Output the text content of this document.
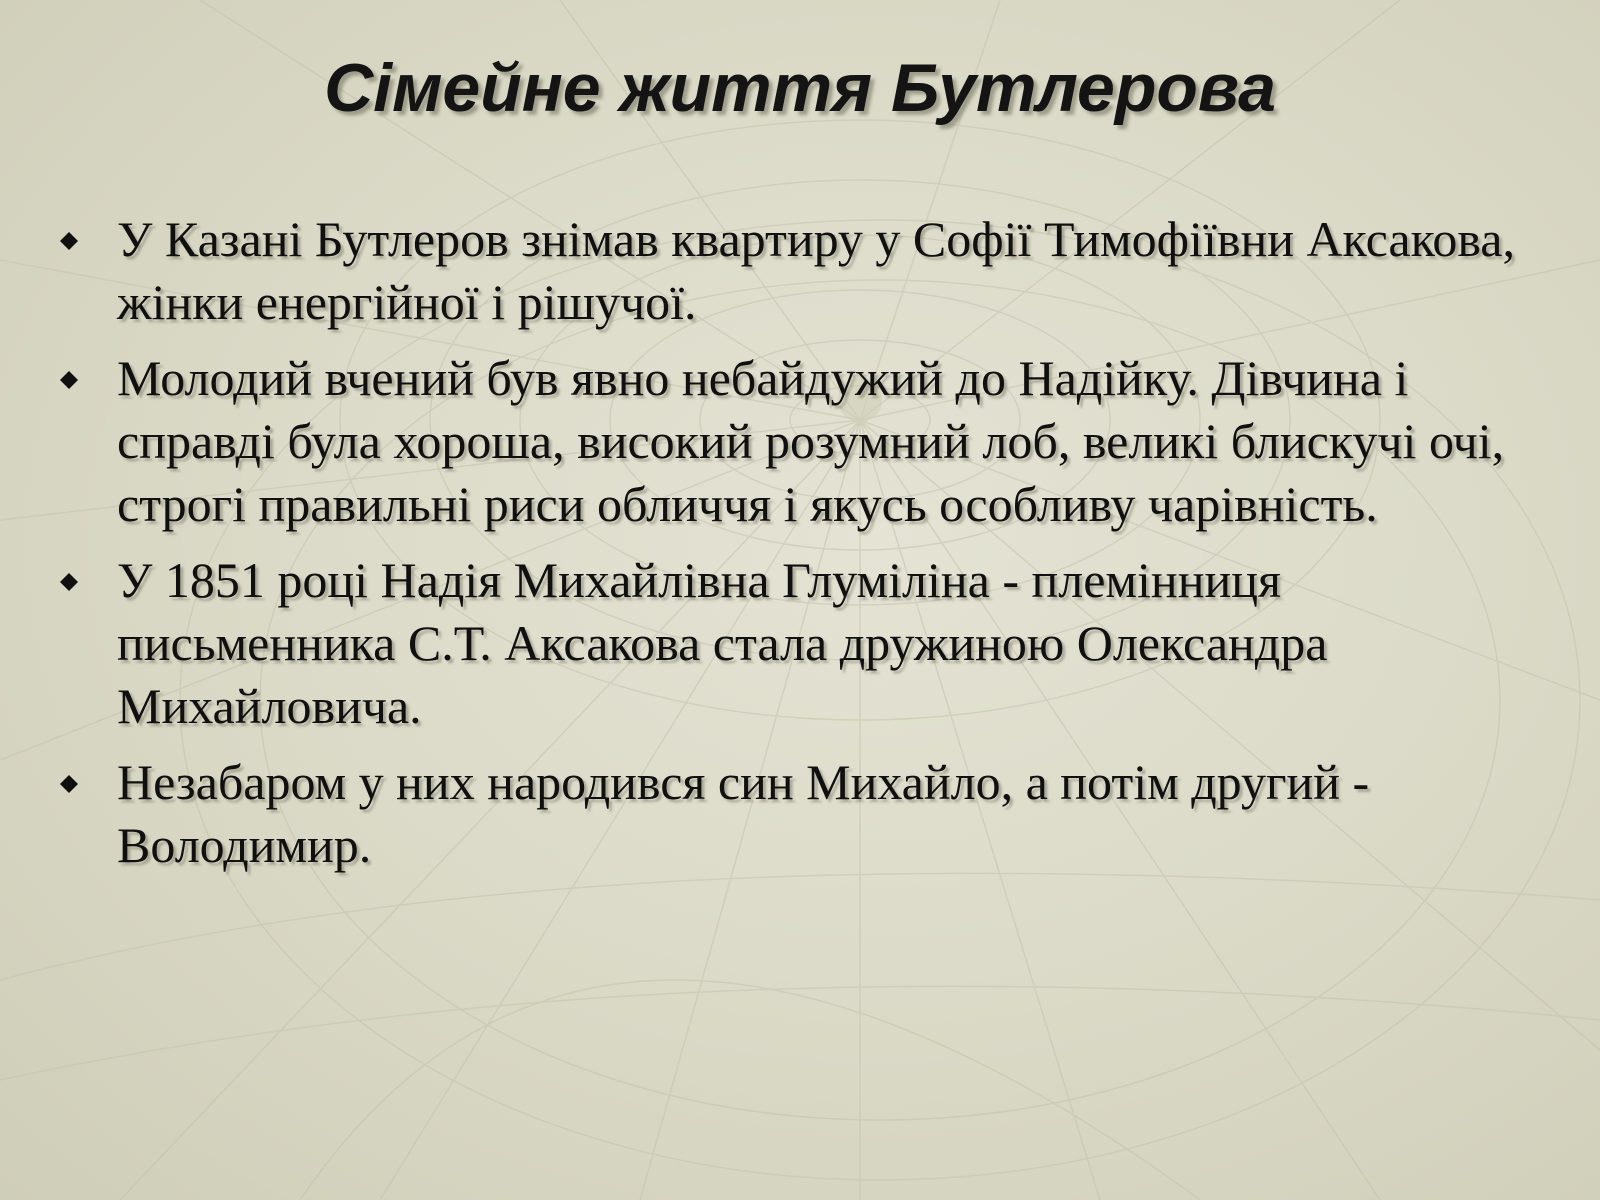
Сімейне життя Бутлерова
У Казані Бутлеров знімав квартиру у Софії Тимофіївни Аксакова, жінки енергійної і рішучої.
Молодий вчений був явно небайдужий до Надійку. Дівчина і справді була хороша, високий розумний лоб, великі блискучі очі, строгі правильні риси обличчя і якусь особливу чарівність.
У 1851 році Надія Михайлівна Глуміліна - племінниця письменника С.Т. Аксакова стала дружиною Олександра Михайловича.
Незабаром у них народився син Михайло, а потім другий - Володимир.
